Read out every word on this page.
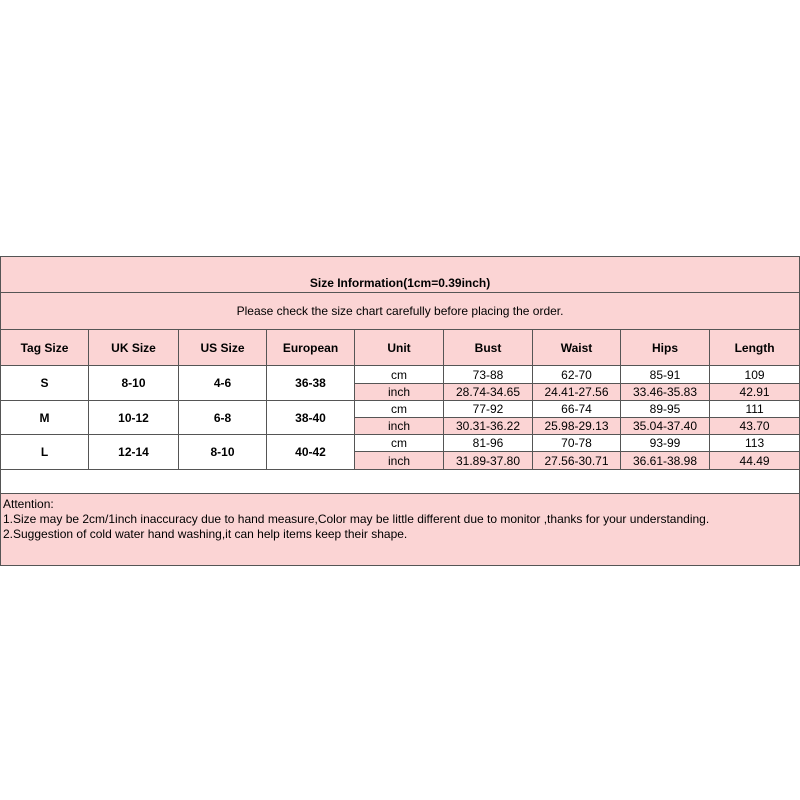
Size Information(1cm=0.39inch)								
Please check the size chart carefully before placing the order.								
Tag Size	UK Size	US Size	European	Unit	Bust	Waist	Hips	Length
S	8-10	4-6	36-38	cm	73-88	62-70	85-91	109
				inch	28.74-34.65	24.41-27.56	33.46-35.83	42.91
M	10-12	6-8	38-40	cm	77-92	66-74	89-95	111
				inch	30.31-36.22	25.98-29.13	35.04-37.40	43.70
L	12-14	8-10	40-42	cm	81-96	70-78	93-99	113
				inch	31.89-37.80	27.56-30.71	36.61-38.98	44.49

Attention:
1.Size may be 2cm/1inch inaccuracy due to hand measure,Color may be little different due to monitor ,thanks for your understanding.
2.Suggestion of cold water hand washing,it can help items keep their shape.								
